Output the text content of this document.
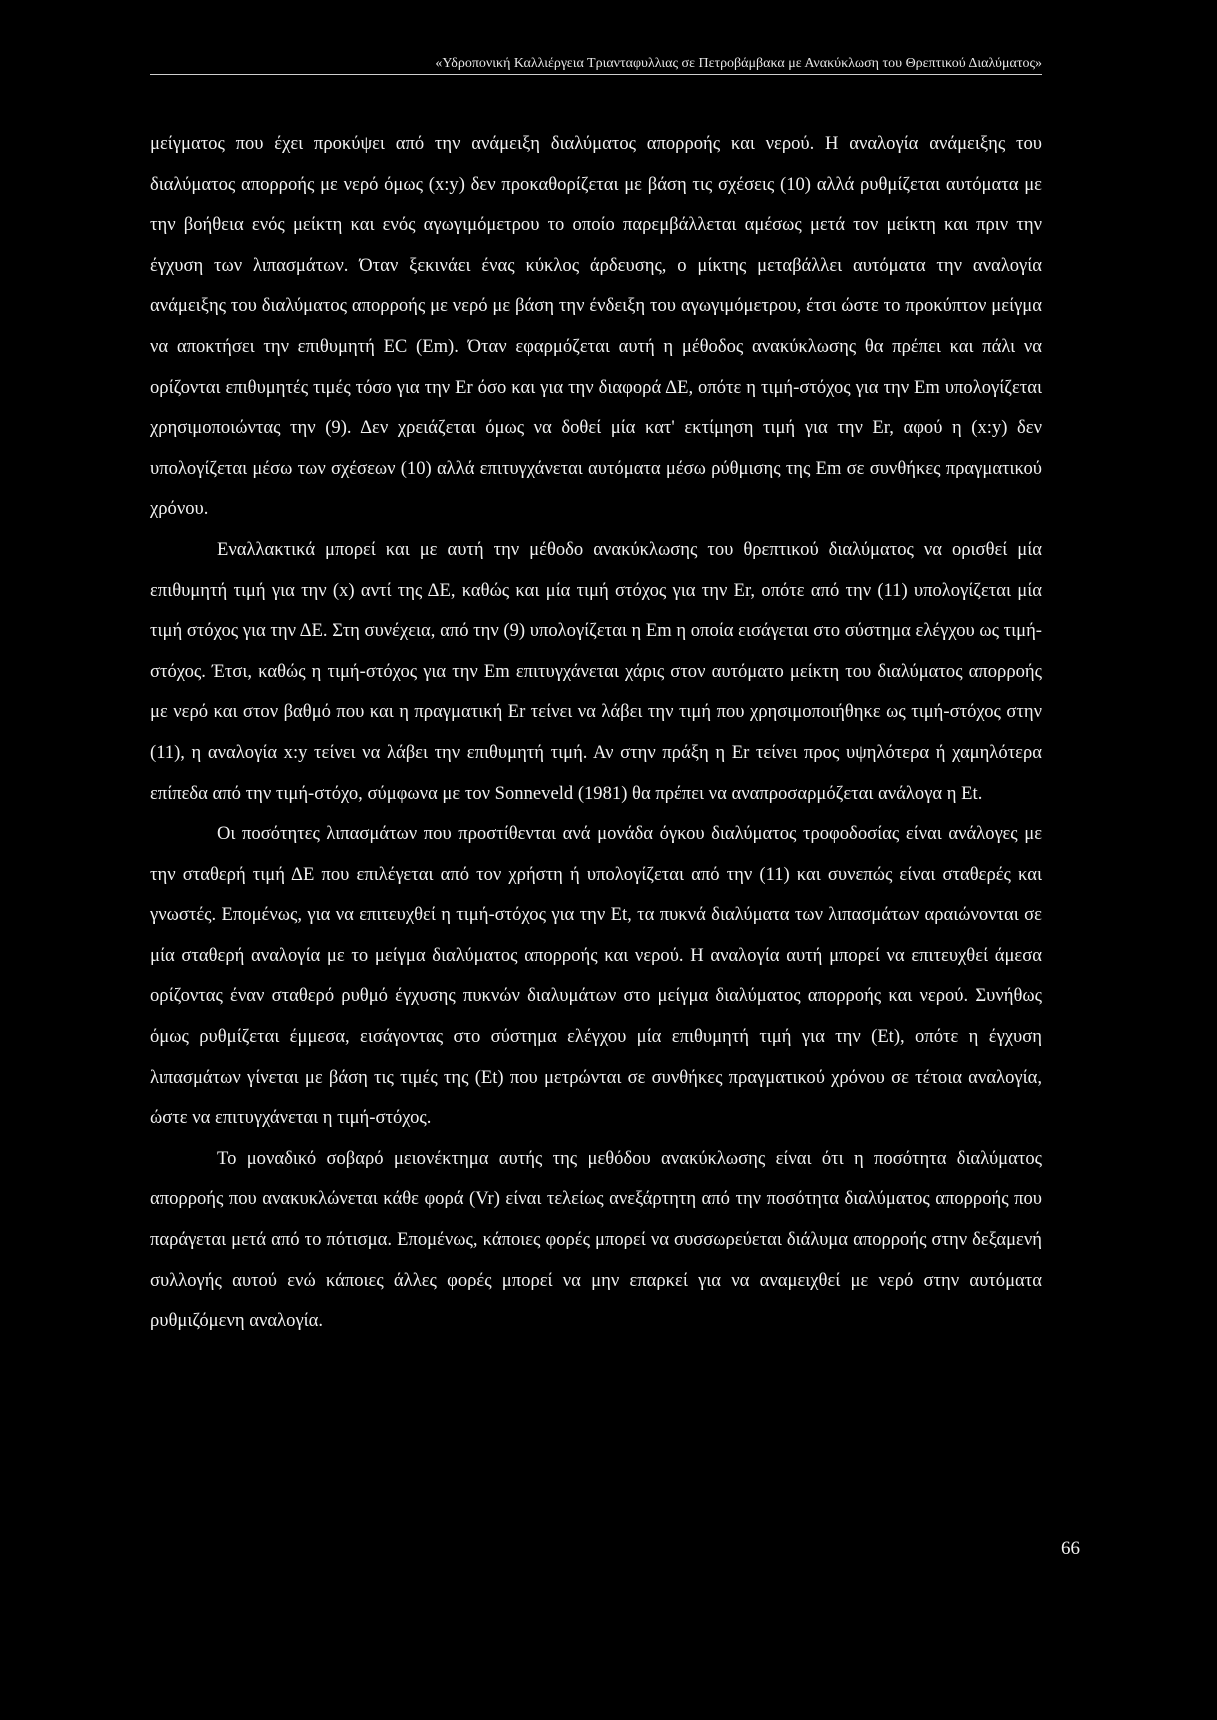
«Υδροπονική Καλλιέργεια Τριανταφυλλιας σε Πετροβάμβακα με Ανακύκλωση του Θρεπτικού Διαλύματος»

μείγματος που έχει προκύψει από την ανάμειξη διαλύματος απορροής και νερού. Η αναλογία ανάμειξης του διαλύματος απορροής με νερό όμως (x:y) δεν προκαθορίζεται με βάση τις σχέσεις (10) αλλά ρυθμίζεται αυτόματα με την βοήθεια ενός μείκτη και ενός αγωγιμόμετρου το οποίο παρεμβάλλεται αμέσως μετά τον μείκτη και πριν την έγχυση των λιπασμάτων. Όταν ξεκινάει ένας κύκλος άρδευσης, ο μίκτης μεταβάλλει αυτόματα την αναλογία ανάμειξης του διαλύματος απορροής με νερό με βάση την ένδειξη του αγωγιμόμετρου, έτσι ώστε το προκύπτον μείγμα να αποκτήσει την επιθυμητή EC (Em). Όταν εφαρμόζεται αυτή η μέθοδος ανακύκλωσης θα πρέπει και πάλι να ορίζονται επιθυμητές τιμές τόσο για την Er όσο και για την διαφορά ΔΕ, οπότε η τιμή-στόχος για την Em υπολογίζεται χρησιμοποιώντας την (9). Δεν χρειάζεται όμως να δοθεί μία κατ' εκτίμηση τιμή για την Er, αφού η (x:y) δεν υπολογίζεται μέσω των σχέσεων (10) αλλά επιτυγχάνεται αυτόματα μέσω ρύθμισης της Em σε συνθήκες πραγματικού χρόνου.

Εναλλακτικά μπορεί και με αυτή την μέθοδο ανακύκλωσης του θρεπτικού διαλύματος να ορισθεί μία επιθυμητή τιμή για την (x) αντί της ΔΕ, καθώς και μία τιμή στόχος για την Er, οπότε από την (11) υπολογίζεται μία τιμή στόχος για την ΔΕ. Στη συνέχεια, από την (9) υπολογίζεται η Em η οποία εισάγεται στο σύστημα ελέγχου ως τιμή-στόχος. Έτσι, καθώς η τιμή-στόχος για την Em επιτυγχάνεται χάρις στον αυτόματο μείκτη του διαλύματος απορροής με νερό και στον βαθμό που και η πραγματική Er τείνει να λάβει την τιμή που χρησιμοποιήθηκε ως τιμή-στόχος στην (11), η αναλογία x:y τείνει να λάβει την επιθυμητή τιμή. Αν στην πράξη η Er τείνει προς υψηλότερα ή χαμηλότερα επίπεδα από την τιμή-στόχο, σύμφωνα με τον Sonneveld (1981) θα πρέπει να αναπροσαρμόζεται ανάλογα η Et.

Οι ποσότητες λιπασμάτων που προστίθενται ανά μονάδα όγκου διαλύματος τροφοδοσίας είναι ανάλογες με την σταθερή τιμή ΔΕ που επιλέγεται από τον χρήστη ή υπολογίζεται από την (11) και συνεπώς είναι σταθερές και γνωστές. Επομένως, για να επιτευχθεί η τιμή-στόχος για την Et, τα πυκνά διαλύματα των λιπασμάτων αραιώνονται σε μία σταθερή αναλογία με το μείγμα διαλύματος απορροής και νερού. Η αναλογία αυτή μπορεί να επιτευχθεί άμεσα ορίζοντας έναν σταθερό ρυθμό έγχυσης πυκνών διαλυμάτων στο μείγμα διαλύματος απορροής και νερού. Συνήθως όμως ρυθμίζεται έμμεσα, εισάγοντας στο σύστημα ελέγχου μία επιθυμητή τιμή για την (Et), οπότε η έγχυση λιπασμάτων γίνεται με βάση τις τιμές της (Et) που μετρώνται σε συνθήκες πραγματικού χρόνου σε τέτοια αναλογία, ώστε να επιτυγχάνεται η τιμή-στόχος.

Το μοναδικό σοβαρό μειονέκτημα αυτής της μεθόδου ανακύκλωσης είναι ότι η ποσότητα διαλύματος απορροής που ανακυκλώνεται κάθε φορά (Vr) είναι τελείως ανεξάρτητη από την ποσότητα διαλύματος απορροής που παράγεται μετά από το πότισμα. Επομένως, κάποιες φορές μπορεί να συσσωρεύεται διάλυμα απορροής στην δεξαμενή συλλογής αυτού ενώ κάποιες άλλες φορές μπορεί να μην επαρκεί για να αναμειχθεί με νερό στην αυτόματα ρυθμιζόμενη αναλογία.

66
